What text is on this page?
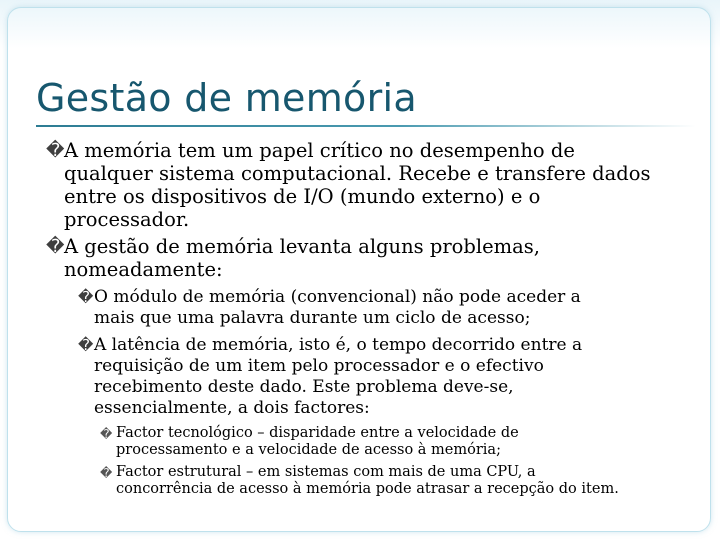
Gestão de memória
� A memória tem um papel crítico no desempenho de
qualquer sistema computacional. Recebe e transfere dados
entre os dispositivos de I/O (mundo externo) e o
processador.
� A gestão de memória levanta alguns problemas,
nomeadamente:
� O módulo de memória (convencional) não pode aceder a
mais que uma palavra durante um ciclo de acesso;
� A latência de memória, isto é, o tempo decorrido entre a
requisição de um item pelo processador e o efectivo
recebimento deste dado. Este problema deve-se,
essencialmente, a dois factores:
� Factor tecnológico – disparidade entre a velocidade de
processamento e a velocidade de acesso à memória;
� Factor estrutural – em sistemas com mais de uma CPU, a
concorrência de acesso à memória pode atrasar a recepção do item.
